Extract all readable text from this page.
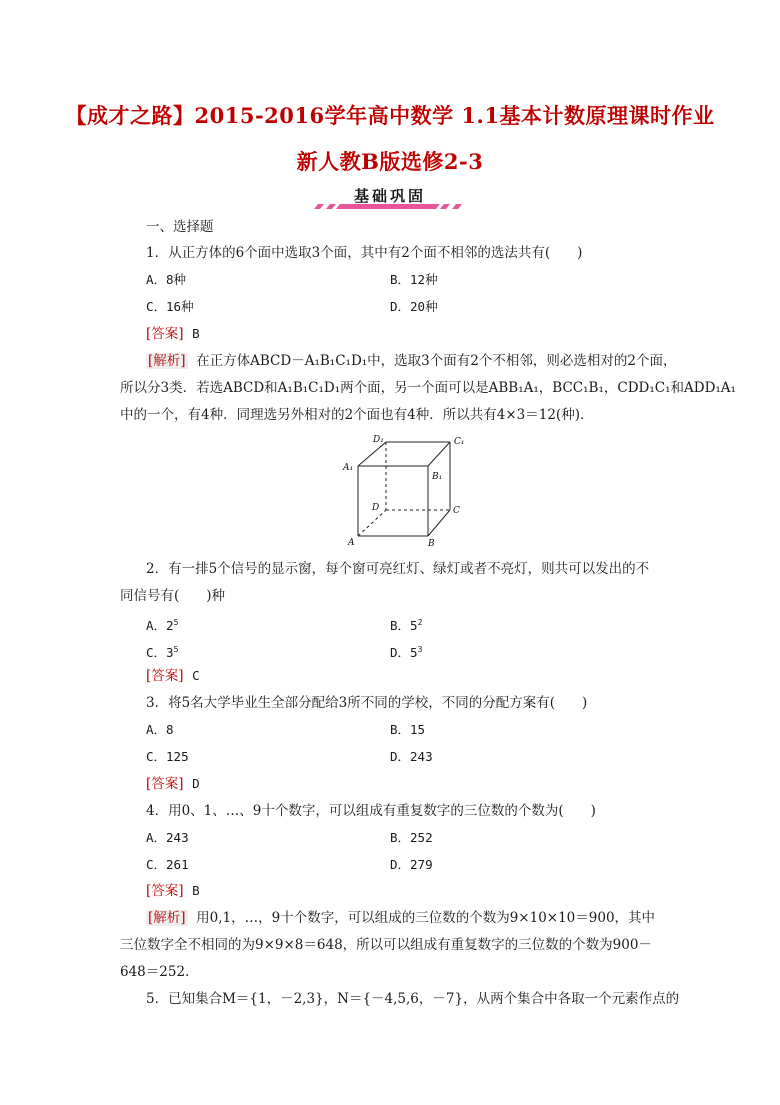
【成才之路】2015-2016学年高中数学 1.1基本计数原理课时作业
新人教B版选修2-3
基础巩固
一、选择题
1．从正方体的6个面中选取3个面，其中有2个面不相邻的选法共有(　　)
A．8种	B．12种
C．16种	D．20种
[答案] B
[解析] 在正方体ABCD－A₁B₁C₁D₁中，选取3个面有2个不相邻，则必选相对的2个面，
所以分3类．若选ABCD和A₁B₁C₁D₁两个面，另一个面可以是ABB₁A₁，BCC₁B₁，CDD₁C₁和ADD₁A₁
中的一个，有4种．同理选另外相对的2个面也有4种．所以共有4×3＝12(种)．
D₁	C₁
A₁
B₁
D	C
A	B
2．有一排5个信号的显示窗，每个窗可亮红灯、绿灯或者不亮灯，则共可以发出的不
同信号有(　　)种
A．$2^5$	B．$5^2$
C．$3^5$	D．$5^3$
[答案] C
3．将5名大学毕业生全部分配给3所不同的学校，不同的分配方案有(　　)
A．8	B．15
C．125	D．243
[答案] D
4．用0、1、…、9十个数字，可以组成有重复数字的三位数的个数为(　　)
A．243	B．252
C．261	D．279
[答案] B
[解析] 用0,1，…，9十个数字，可以组成的三位数的个数为9×10×10＝900，其中
三位数字全不相同的为9×9×8＝648，所以可以组成有重复数字的三位数的个数为900－
648＝252.
5．已知集合M＝{1，－2,3}，N＝{－4,5,6，－7}，从两个集合中各取一个元素作点的
